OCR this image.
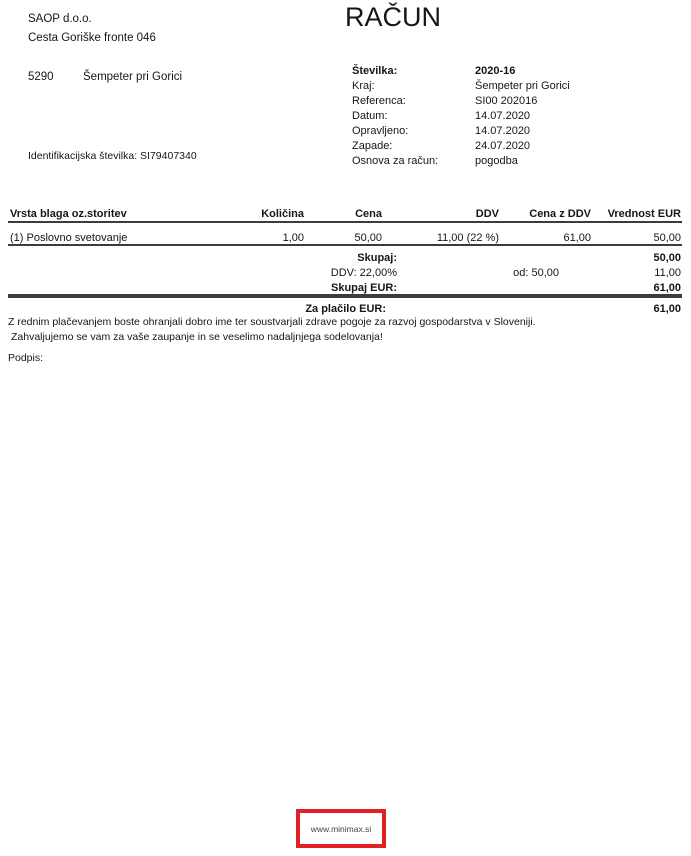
SAOP d.o.o.
Cesta Goriške fronte 046
5290	Šempeter pri Gorici
Identifikacijska številka: SI79407340
RAČUN
Številka:	2020-16
Kraj:	Šempeter pri Gorici
Referenca:	SI00 202016
Datum:	14.07.2020
Opravljeno:	14.07.2020
Zapade:	24.07.2020
Osnova za račun:	pogodba
Vrsta blaga oz.storitev	Količina	Cena	DDV	Cena z DDV	Vrednost EUR
(1) Poslovno svetovanje	1,00	50,00	11,00 (22 %)	61,00	50,00
Skupaj:	50,00
DDV: 22,00%	od: 50,00	11,00
Skupaj EUR:	61,00
Za plačilo EUR:	61,00
Z rednim plačevanjem boste ohranjali dobro ime ter soustvarjali zdrave pogoje za razvoj gospodarstva v Sloveniji.
Zahvaljujemo se vam za vaše zaupanje in se veselimo nadaljnjega sodelovanja!
Podpis:
www.minimax.si
